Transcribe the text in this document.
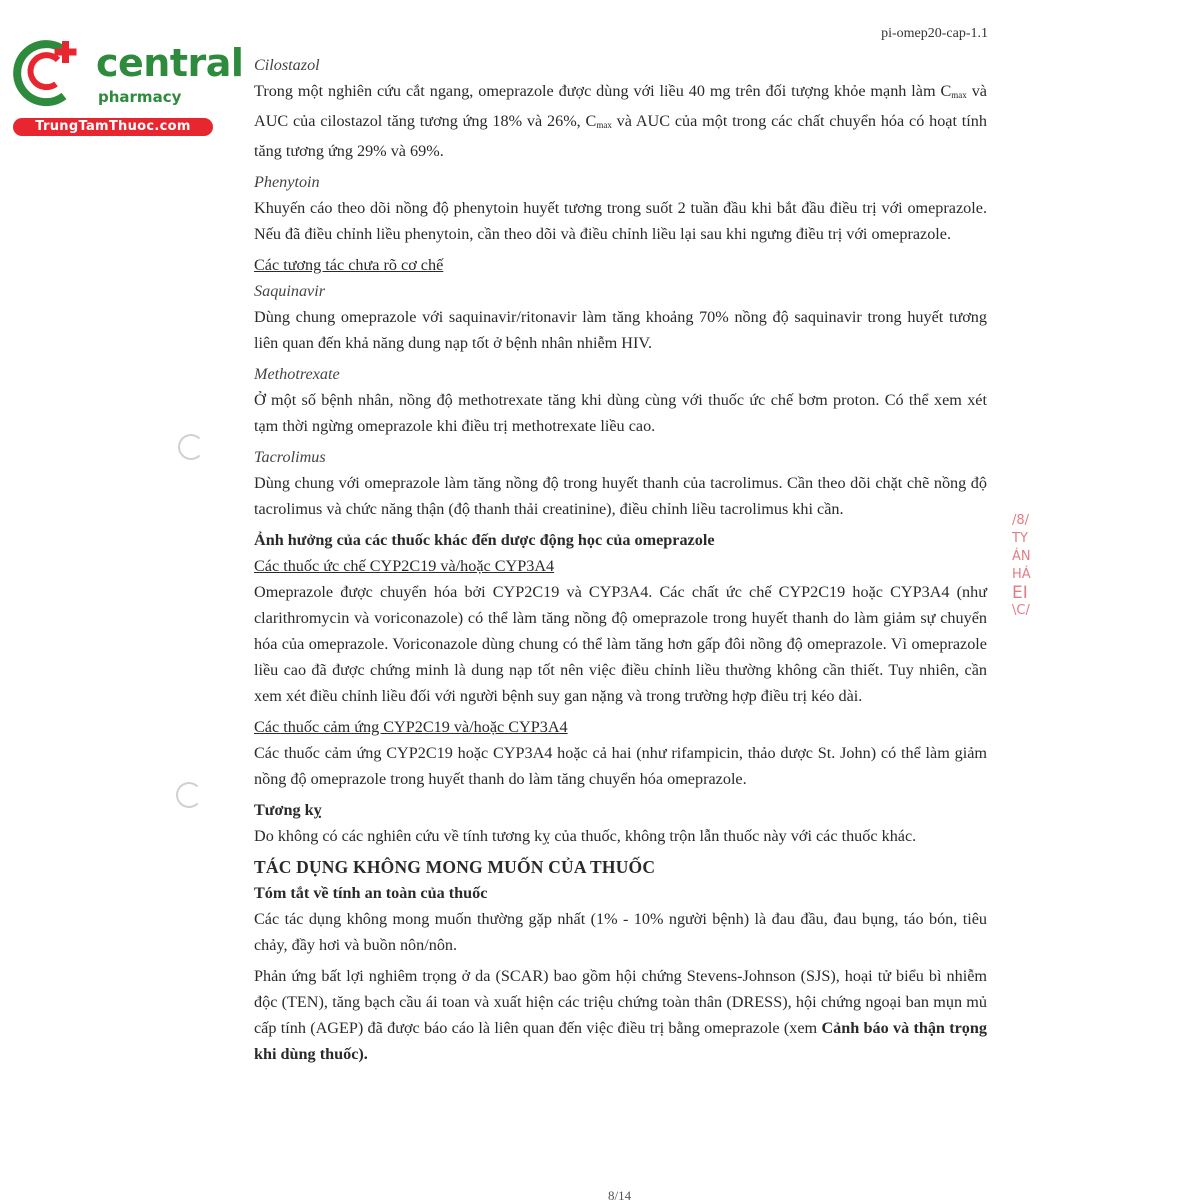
central
pharmacy
TrungTamThuoc.com
pi-omep20-cap-1.1
/8/
TY
ÁN
HÁ
EI
\C/

Cilostazol

Trong một nghiên cứu cắt ngang, omeprazole được dùng với liều 40 mg trên đối tượng khỏe mạnh làm $C_{max}$ và AUC của cilostazol tăng tương ứng 18% và 26%, $C_{max}$ và AUC của một trong các chất chuyển hóa có hoạt tính tăng tương ứng 29% và 69%.

Phenytoin

Khuyến cáo theo dõi nồng độ phenytoin huyết tương trong suốt 2 tuần đầu khi bắt đầu điều trị với omeprazole. Nếu đã điều chỉnh liều phenytoin, cần theo dõi và điều chỉnh liều lại sau khi ngưng điều trị với omeprazole.

Các tương tác chưa rõ cơ chế

Saquinavir

Dùng chung omeprazole với saquinavir/ritonavir làm tăng khoảng 70% nồng độ saquinavir trong huyết tương liên quan đến khả năng dung nạp tốt ở bệnh nhân nhiễm HIV.

Methotrexate

Ở một số bệnh nhân, nồng độ methotrexate tăng khi dùng cùng với thuốc ức chế bơm proton. Có thể xem xét tạm thời ngừng omeprazole khi điều trị methotrexate liều cao.

Tacrolimus

Dùng chung với omeprazole làm tăng nồng độ trong huyết thanh của tacrolimus. Cần theo dõi chặt chẽ nồng độ tacrolimus và chức năng thận (độ thanh thải creatinine), điều chỉnh liều tacrolimus khi cần.

Ảnh hưởng của các thuốc khác đến dược động học của omeprazole

Các thuốc ức chế CYP2C19 và/hoặc CYP3A4

Omeprazole được chuyển hóa bởi CYP2C19 và CYP3A4. Các chất ức chế CYP2C19 hoặc CYP3A4 (như clarithromycin và voriconazole) có thể làm tăng nồng độ omeprazole trong huyết thanh do làm giảm sự chuyển hóa của omeprazole. Voriconazole dùng chung có thể làm tăng hơn gấp đôi nồng độ omeprazole. Vì omeprazole liều cao đã được chứng minh là dung nạp tốt nên việc điều chỉnh liều thường không cần thiết. Tuy nhiên, cần xem xét điều chỉnh liều đối với người bệnh suy gan nặng và trong trường hợp điều trị kéo dài.

Các thuốc cảm ứng CYP2C19 và/hoặc CYP3A4

Các thuốc cảm ứng CYP2C19 hoặc CYP3A4 hoặc cả hai (như rifampicin, thảo dược St. John) có thể làm giảm nồng độ omeprazole trong huyết thanh do làm tăng chuyển hóa omeprazole.

Tương kỵ

Do không có các nghiên cứu về tính tương kỵ của thuốc, không trộn lẫn thuốc này với các thuốc khác.

TÁC DỤNG KHÔNG MONG MUỐN CỦA THUỐC

Tóm tắt về tính an toàn của thuốc

Các tác dụng không mong muốn thường gặp nhất (1% - 10% người bệnh) là đau đầu, đau bụng, táo bón, tiêu chảy, đầy hơi và buồn nôn/nôn.

Phản ứng bất lợi nghiêm trọng ở da (SCAR) bao gồm hội chứng Stevens-Johnson (SJS), hoại tử biểu bì nhiễm độc (TEN), tăng bạch cầu ái toan và xuất hiện các triệu chứng toàn thân (DRESS), hội chứng ngoại ban mụn mủ cấp tính (AGEP) đã được báo cáo là liên quan đến việc điều trị bằng omeprazole (xem Cảnh báo và thận trọng khi dùng thuốc).

8/14
